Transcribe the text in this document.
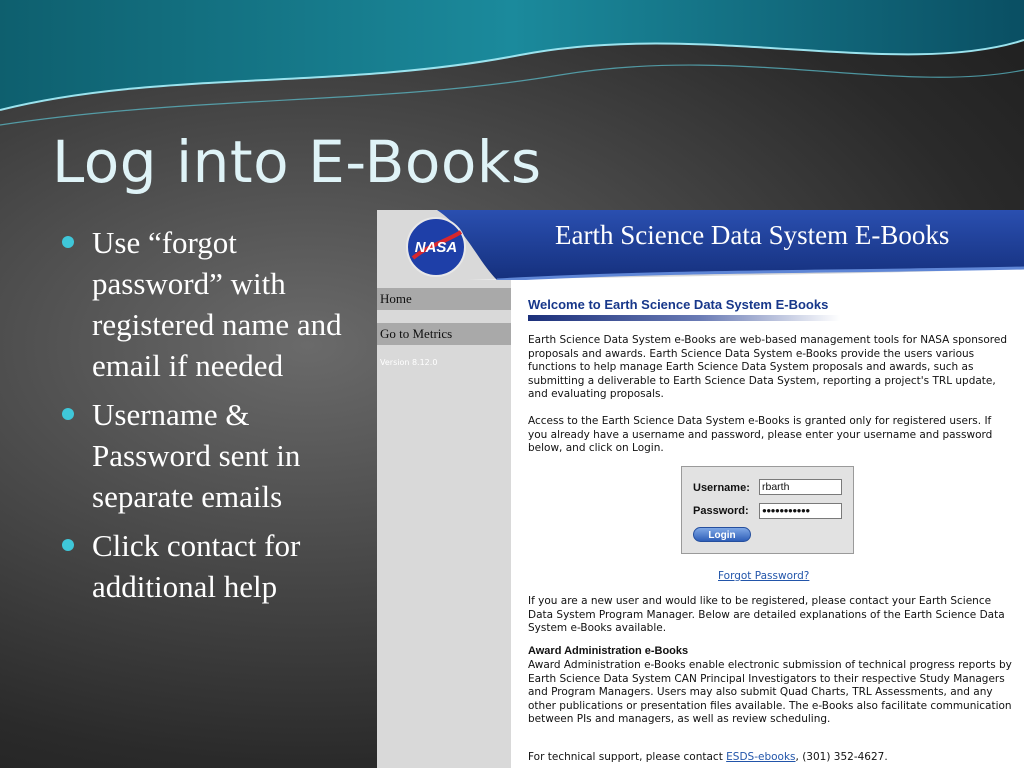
Log into E-Books
Use “forgot password” with registered name and email if needed
Username & Password sent in separate emails
Click contact for additional help
NASA	Earth Science Data System E-Books
Home
Go to Metrics
Version 8.12.0
Welcome to Earth Science Data System E-Books

Earth Science Data System e-Books are web-based management tools for NASA sponsored proposals and awards. Earth Science Data System e-Books provide the users various functions to help manage Earth Science Data System proposals and awards, such as submitting a deliverable to Earth Science Data System, reporting a project's TRL update, and evaluating proposals.

Access to the Earth Science Data System e-Books is granted only for registered users. If you already have a username and password, please enter your username and password below, and click on Login.

Username: rbarth
Password:	●●●●●●●●●●●
Login
Forgot Password?

If you are a new user and would like to be registered, please contact your Earth Science Data System Program Manager. Below are detailed explanations of the Earth Science Data System e-Books available.

Award Administration e-Books

Award Administration e-Books enable electronic submission of technical progress reports by Earth Science Data System CAN Principal Investigators to their respective Study Managers and Program Managers. Users may also submit Quad Charts, TRL Assessments, and any other publications or presentation files available. The e-Books also facilitate communication between PIs and managers, as well as review scheduling.

For technical support, please contact ESDS-ebooks, (301) 352-4627.
